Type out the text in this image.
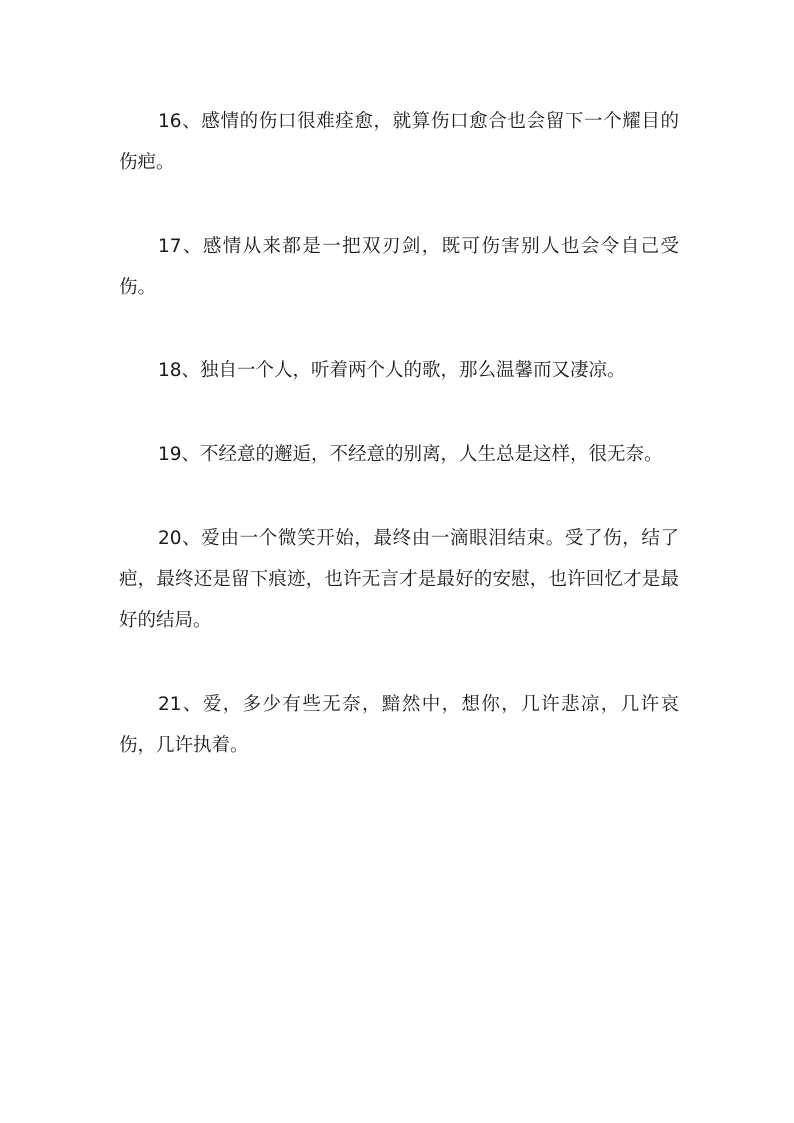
16、感情的伤口很难痊愈，就算伤口愈合也会留下一个耀目的伤疤。

17、感情从来都是一把双刃剑，既可伤害别人也会令自己受伤。

18、独自一个人，听着两个人的歌，那么温馨而又凄凉。

19、不经意的邂逅，不经意的别离，人生总是这样，很无奈。

20、爱由一个微笑开始，最终由一滴眼泪结束。受了伤，结了疤，最终还是留下痕迹，也许无言才是最好的安慰，也许回忆才是最好的结局。

21、爱，多少有些无奈，黯然中，想你，几许悲凉，几许哀伤，几许执着。
